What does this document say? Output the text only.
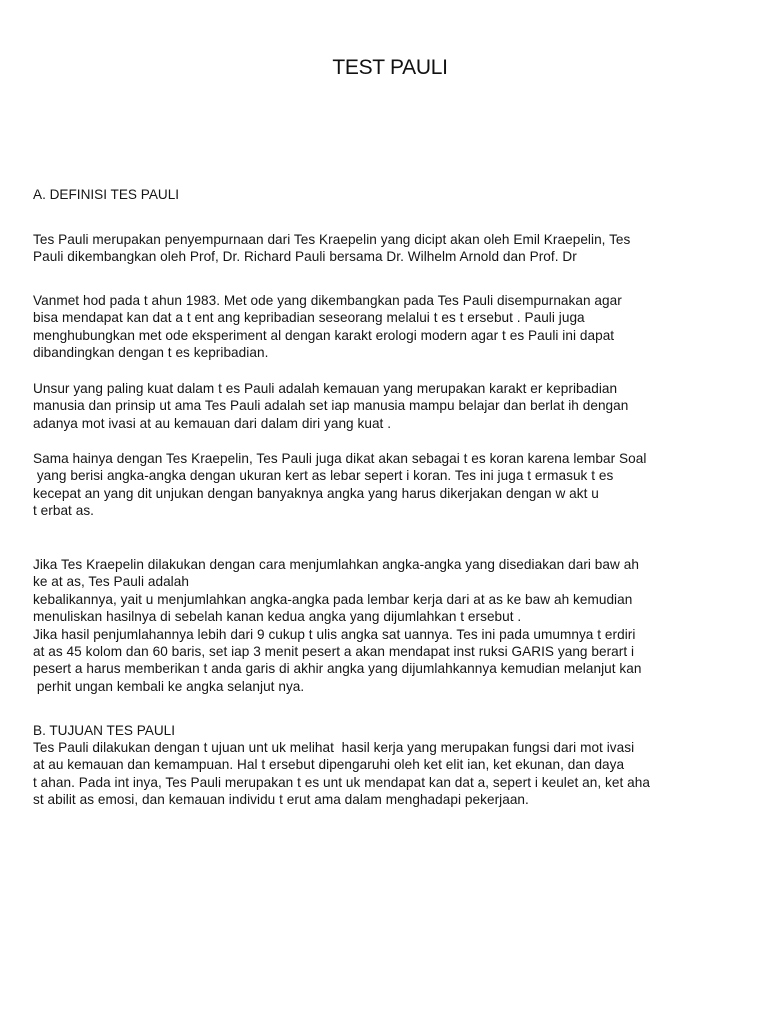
TEST PAULI
A. DEFINISI TES PAULI
Tes Pauli merupakan penyempurnaan dari Tes Kraepelin yang dicipt akan oleh Emil Kraepelin, Tes
Pauli dikembangkan oleh Prof, Dr. Richard Pauli bersama Dr. Wilhelm Arnold dan Prof. Dr
Vanmet hod pada t ahun 1983. Met ode yang dikembangkan pada Tes Pauli disempurnakan agar
bisa mendapat kan dat a t ent ang kepribadian seseorang melalui t es t ersebut . Pauli juga
menghubungkan met ode eksperiment al dengan karakt erologi modern agar t es Pauli ini dapat
dibandingkan dengan t es kepribadian.
Unsur yang paling kuat dalam t es Pauli adalah kemauan yang merupakan karakt er kepribadian
manusia dan prinsip ut ama Tes Pauli adalah set iap manusia mampu belajar dan berlat ih dengan
adanya mot ivasi at au kemauan dari dalam diri yang kuat .
Sama hainya dengan Tes Kraepelin, Tes Pauli juga dikat akan sebagai t es koran karena lembar Soal
yang berisi angka-angka dengan ukuran kert as lebar sepert i koran. Tes ini juga t ermasuk t es
kecepat an yang dit unjukan dengan banyaknya angka yang harus dikerjakan dengan w akt u
t erbat as.
Jika Tes Kraepelin dilakukan dengan cara menjumlahkan angka-angka yang disediakan dari baw ah
ke at as, Tes Pauli adalah
kebalikannya, yait u menjumlahkan angka-angka pada lembar kerja dari at as ke baw ah kemudian
menuliskan hasilnya di sebelah kanan kedua angka yang dijumlahkan t ersebut .
Jika hasil penjumlahannya lebih dari 9 cukup t ulis angka sat uannya. Tes ini pada umumnya t erdiri
at as 45 kolom dan 60 baris, set iap 3 menit pesert a akan mendapat inst ruksi GARIS yang berart i
pesert a harus memberikan t anda garis di akhir angka yang dijumlahkannya kemudian melanjut kan
perhit ungan kembali ke angka selanjut nya.
B. TUJUAN TES PAULI
Tes Pauli dilakukan dengan t ujuan unt uk melihat  hasil kerja yang merupakan fungsi dari mot ivasi
at au kemauan dan kemampuan. Hal t ersebut dipengaruhi oleh ket elit ian, ket ekunan, dan daya
t ahan. Pada int inya, Tes Pauli merupakan t es unt uk mendapat kan dat a, sepert i keulet an, ket aha
st abilit as emosi, dan kemauan individu t erut ama dalam menghadapi pekerjaan.
